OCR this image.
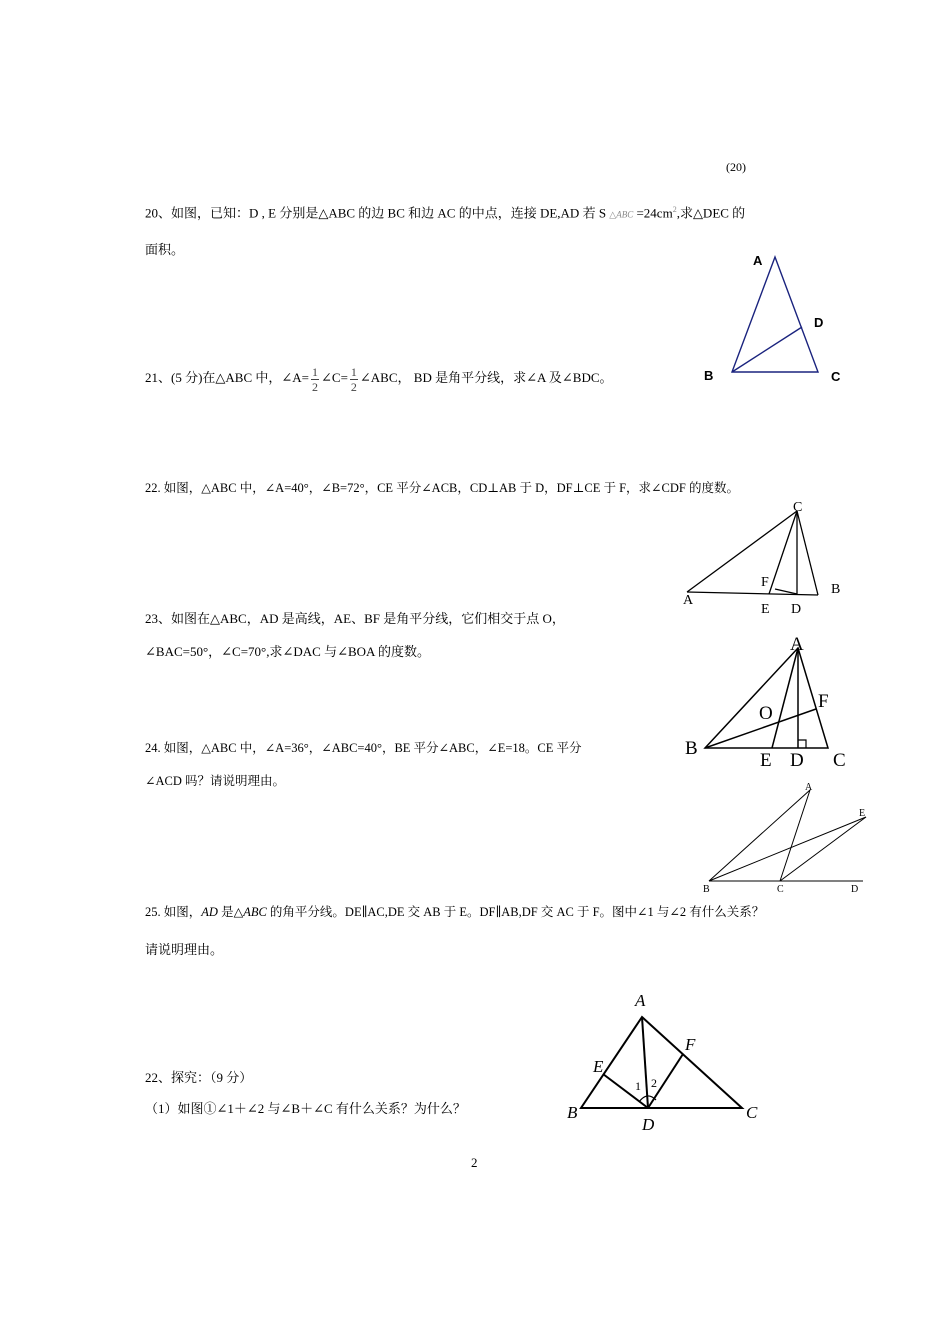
(20)
20、如图，已知：D , E 分别是△ABC 的边 BC 和边 AC 的中点，连接 DE,AD 若 S △ABC $=24cm^2$,求△DEC 的
面积。
A
D
B	C
21、(5 分)在△ABC 中，∠A= $\frac{1}{2}$ ∠C= $\frac{1}{2}$ ∠ABC， BD 是角平分线，求∠A 及∠BDC。
22. 如图，△ABC 中，∠A=40°，∠B=72°，CE 平分∠ACB，CD⊥AB 于 D，DF⊥CE 于 F，求∠CDF 的度数。
C
F
A
E D
B
23、如图在△ABC，AD 是高线，AE、BF 是角平分线，它们相交于点 O，
∠BAC=50°，∠C=70°,求∠DAC 与∠BOA 的度数。	A
F
O
B
E D C
24. 如图，△ABC 中，∠A=36°，∠ABC=40°，BE 平分∠ABC，∠E=18。CE 平分
∠ACD 吗？请说明理由。	A
E
B	C	D
25. 如图，AD 是△ABC 的角平分线。DE∥AC,DE 交 AB 于 E。DF∥AB,DF 交 AC 于 F。图中∠1 与∠2 有什么关系？
请说明理由。
A
F
E
1 2
B
D
C
22、探究：（9 分）
（1）如图①∠1＋∠2 与∠B＋∠C 有什么关系？为什么？
2
